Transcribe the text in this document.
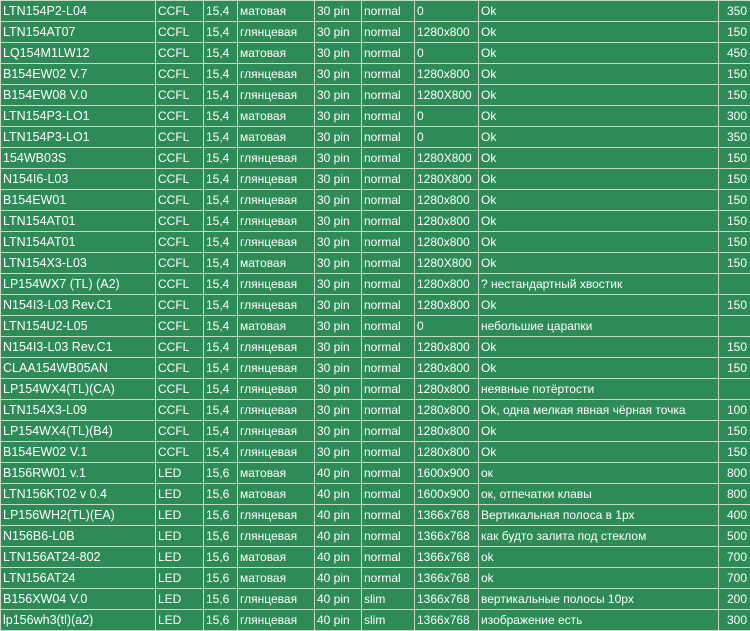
LTN154P2-L04	CCFL	15,4	матовая	30 pin	normal	0	Ok	350
LTN154AT07	CCFL	15,4	глянцевая	30 pin	normal	1280x800	Ok	150
LQ154M1LW12	CCFL	15,4	матовая	30 pin	normal	0	Ok	450
B154EW02 V.7	CCFL	15,4	глянцевая	30 pin	normal	1280x800	Ok	150
B154EW08 V.0	CCFL	15,4	глянцевая	30 pin	normal	1280X800	Ok	150
LTN154P3-LO1	CCFL	15,4	матовая	30 pin	normal	0	Ok	300
LTN154P3-LO1	CCFL	15,4	матовая	30 pin	normal	0	Ok	350
154WB03S	CCFL	15,4	глянцевая	30 pin	normal	1280X800	Ok	150
N154I6-L03	CCFL	15,4	глянцевая	30 pin	normal	1280X800	Ok	150
B154EW01	CCFL	15,4	глянцевая	30 pin	normal	1280x800	Ok	150
LTN154AT01	CCFL	15,4	глянцевая	30 pin	normal	1280x800	Ok	150
LTN154AT01	CCFL	15,4	глянцевая	30 pin	normal	1280x800	Ok	150
LTN154X3-L03	CCFL	15,4	матовая	30 pin	normal	1280X800	Ok	150
LP154WX7 (TL) (A2)	CCFL	15,4	глянцевая	30 pin	normal	1280x800	? нестандартный хвостик	
N154I3-L03 Rev.C1	CCFL	15,4	глянцевая	30 pin	normal	1280x800	Ok	150
LTN154U2-L05	CCFL	15,4	матовая	30 pin	normal	0	небольшие царапки	
N154I3-L03 Rev.C1	CCFL	15,4	глянцевая	30 pin	normal	1280x800	Ok	150
CLAA154WB05AN	CCFL	15,4	глянцевая	30 pin	normal	1280x800	Ok	150
LP154WX4(TL)(CA)	CCFL	15,4	глянцевая	30 pin	normal	1280x800	неявные потёртости	
LTN154X3-L09	CCFL	15,4	глянцевая	30 pin	normal	1280x800	Ok, одна мелкая явная чёрная точка	100
LP154WX4(TL)(B4)	CCFL	15,4	глянцевая	30 pin	normal	1280x800	Ok	150
B154EW02 V.1	CCFL	15,4	глянцевая	30 pin	normal	1280x800	Ok	150
B156RW01 v.1	LED	15,6	матовая	40 pin	normal	1600x900	ок	800
LTN156KT02 v 0.4	LED	15,6	матовая	40 pin	normal	1600x900	ок, отпечатки клавы	800
LP156WH2(TL)(EA)	LED	15,6	глянцевая	40 pin	normal	1366x768	Вертикальная полоса в 1рх	400
N156B6-L0B	LED	15,6	глянцевая	40 pin	normal	1366x768	как будто залита под стеклом	500
LTN156AT24-802	LED	15,6	матовая	40 pin	normal	1366x768	ok	700
LTN156AT24	LED	15,6	матовая	40 pin	normal	1366x768	ok	700
B156XW04 V.0	LED	15,6	глянцевая	40 pin	slim	1366x768	вертикальные полосы 10px	200
lp156wh3(tl)(a2)	LED	15,6	глянцевая	40 pin	slim	1366x768	изображение есть	300
